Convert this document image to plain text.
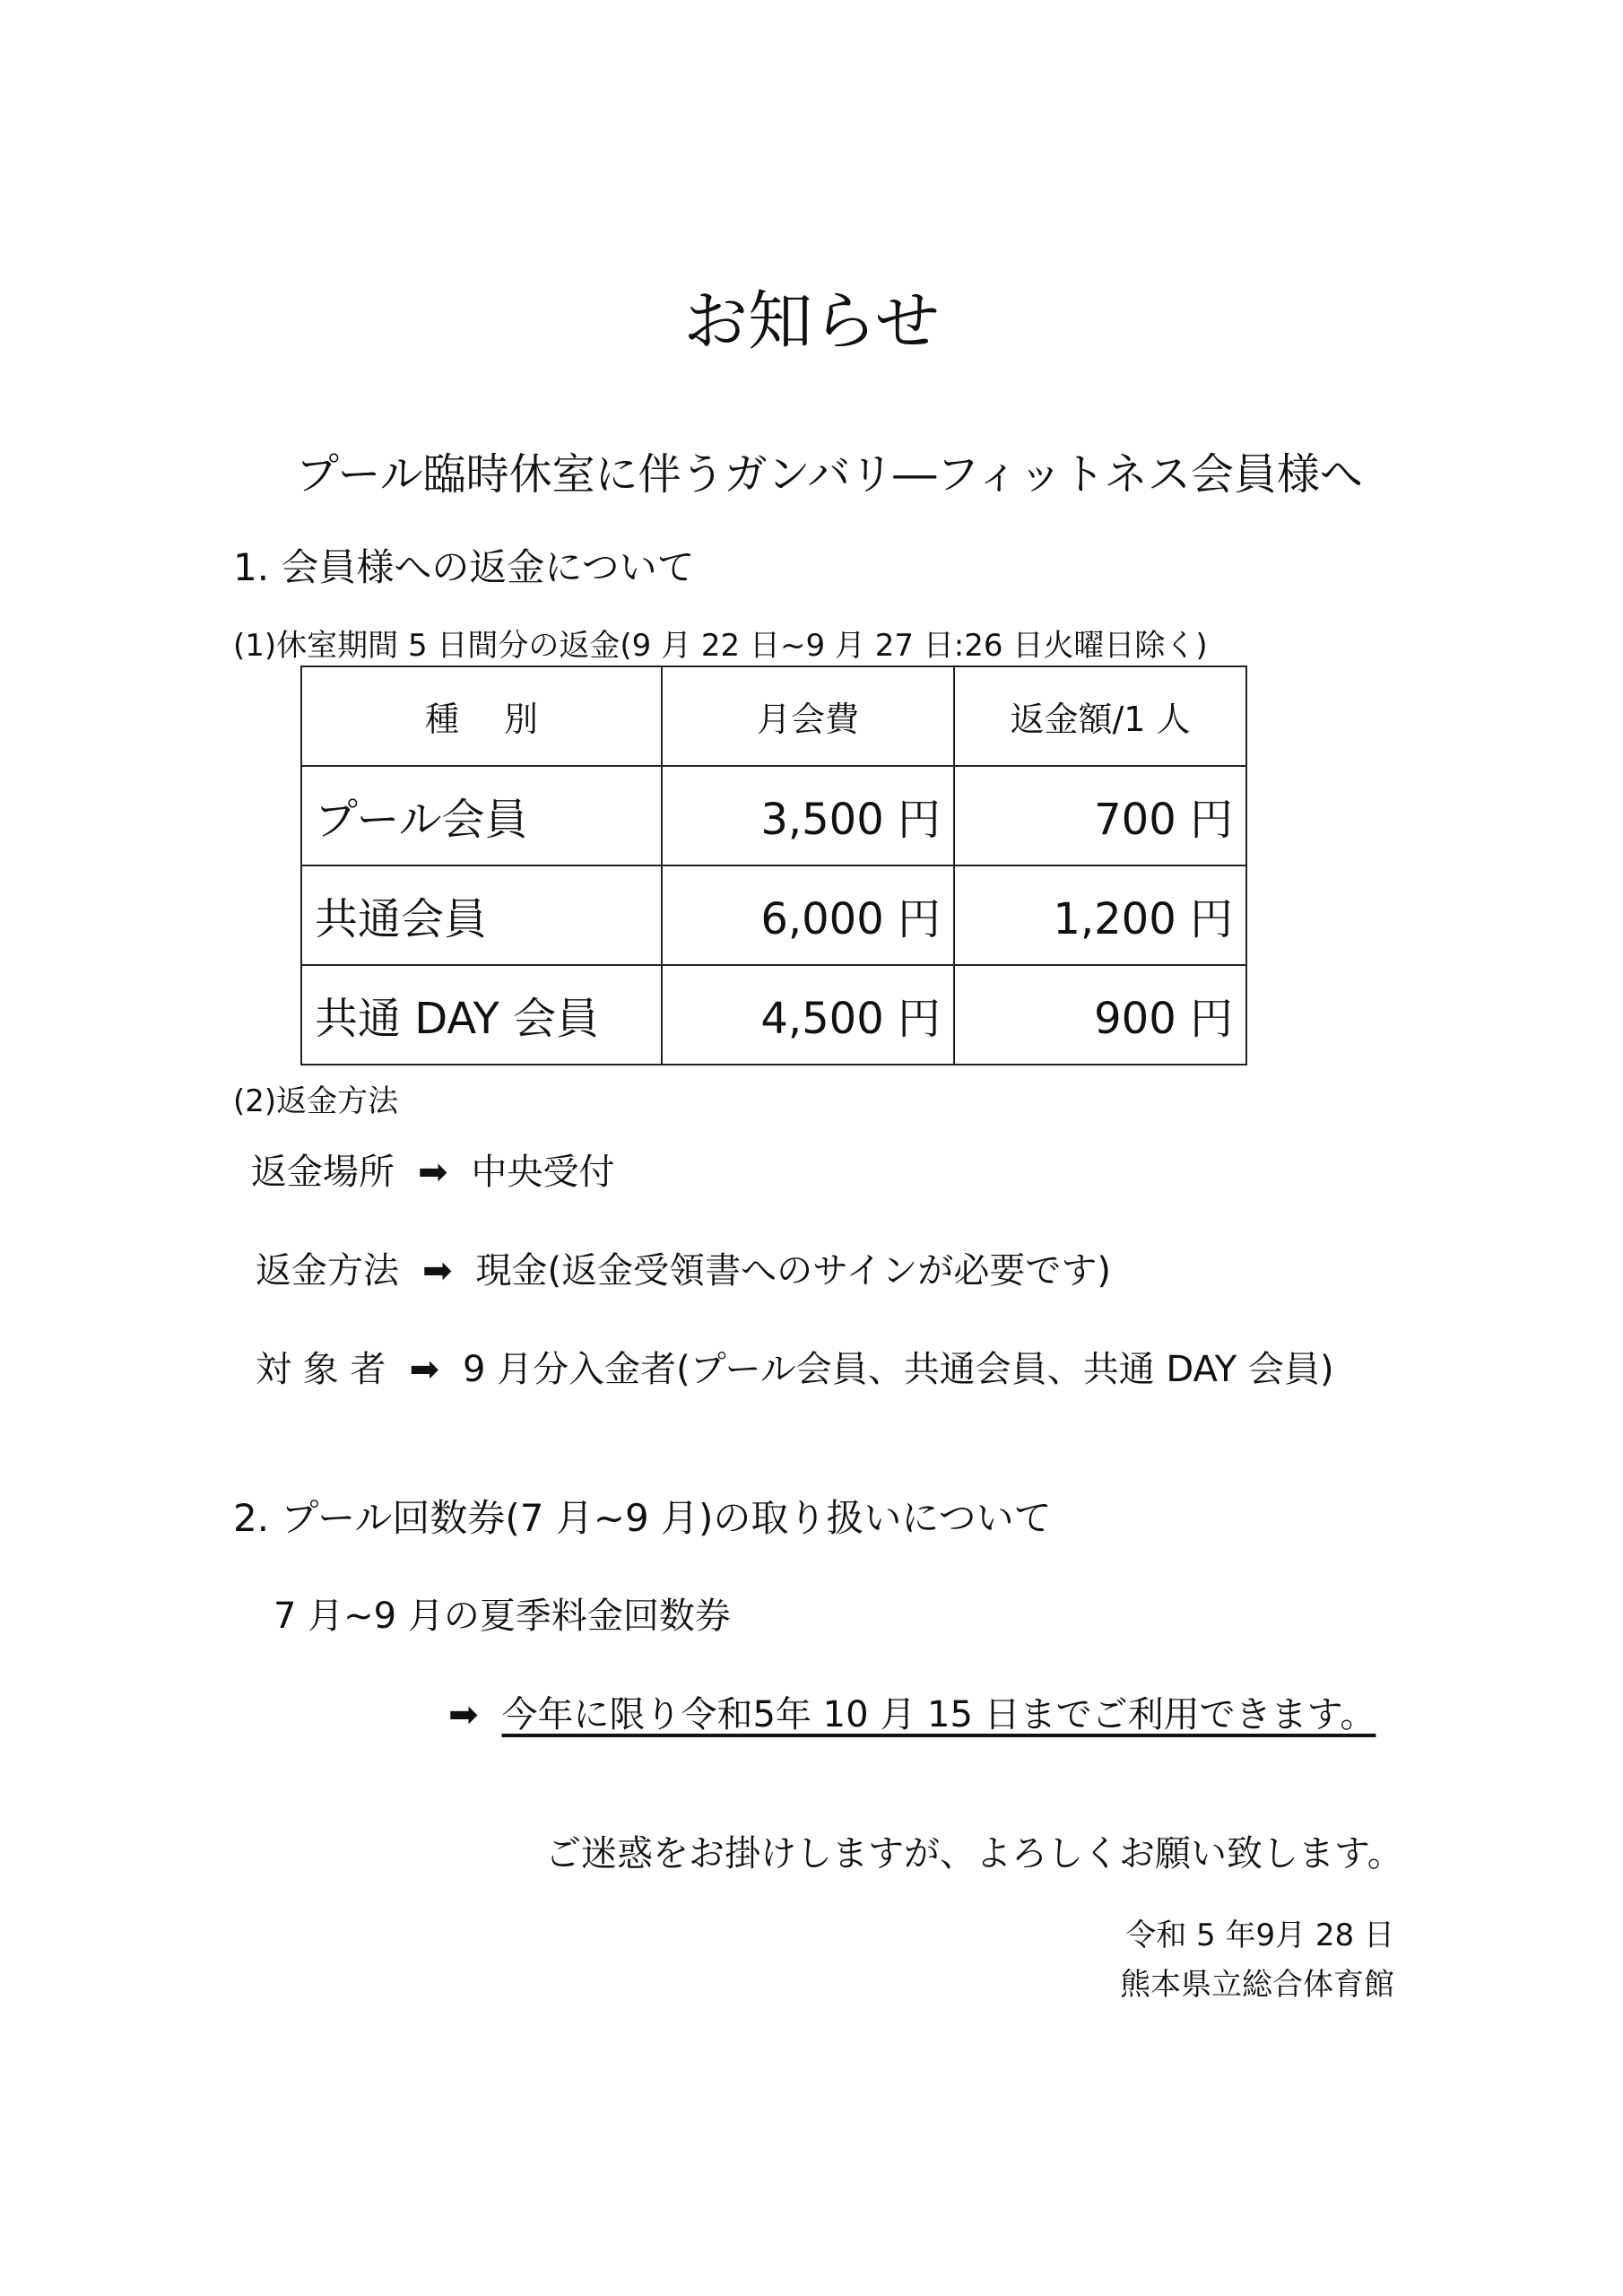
お知らせ
プール臨時休室に伴うガンバリ―フィットネス会員様へ
1. 会員様への返金について
(1)休室期間 5 日間分の返金(9 月 22 日~9 月 27 日:26 日火曜日除く)
種　 別	月会費	返金額/1 人
プール会員	3,500 円	700 円
共通会員	6,000 円	1,200 円
共通 DAY 会員	4,500 円	900 円
(2)返金方法
返金場所 ➡ 中央受付
返金方法 ➡ 現金(返金受領書へのサインが必要です)
対 象 者 ➡ 9 月分入金者(プール会員、共通会員、共通 DAY 会員)
2. プール回数券(7 月~9 月)の取り扱いについて
7 月~9 月の夏季料金回数券
➡ 今年に限り令和5年 10 月 15 日までご利用できます。
ご迷惑をお掛けしますが、よろしくお願い致します。
令和 5 年9月 28 日
熊本県立総合体育館
